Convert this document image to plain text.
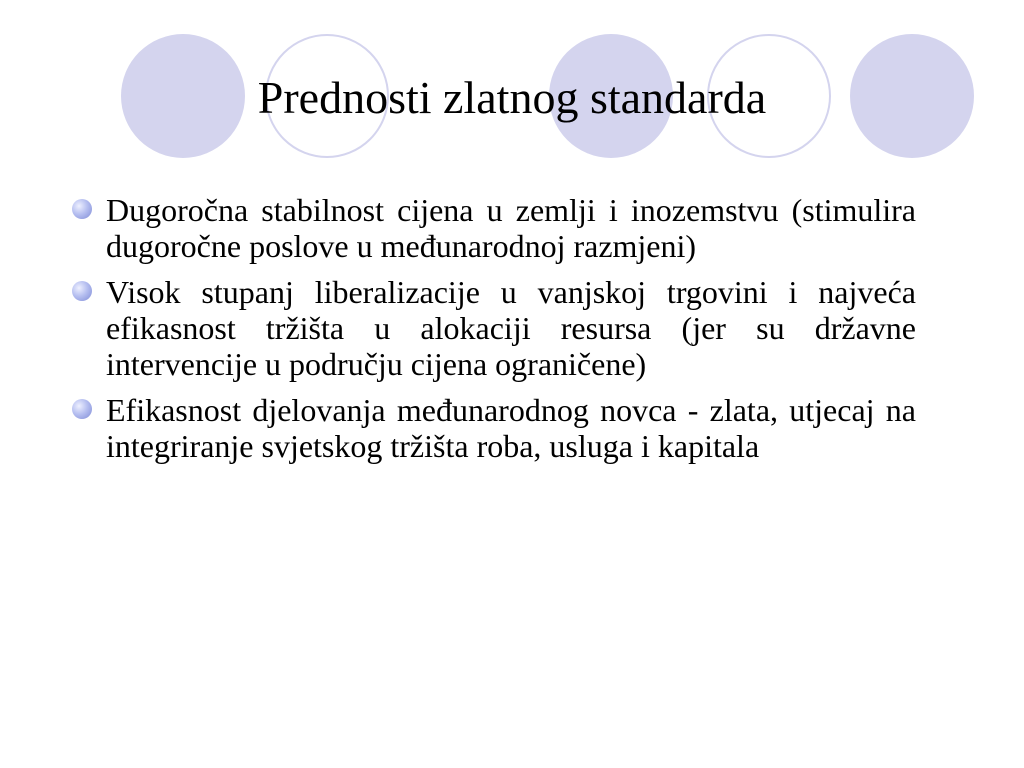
Prednosti zlatnog standarda
Dugoročna stabilnost cijena u zemlji i inozemstvu (stimulira dugoročne poslove u međunarodnoj razmjeni)
Visok stupanj liberalizacije u vanjskoj trgovini i najveća efikasnost tržišta u alokaciji resursa (jer su državne intervencije u području cijena ograničene)
Efikasnost djelovanja međunarodnog novca - zlata, utjecaj na integriranje svjetskog tržišta roba, usluga i kapitala
